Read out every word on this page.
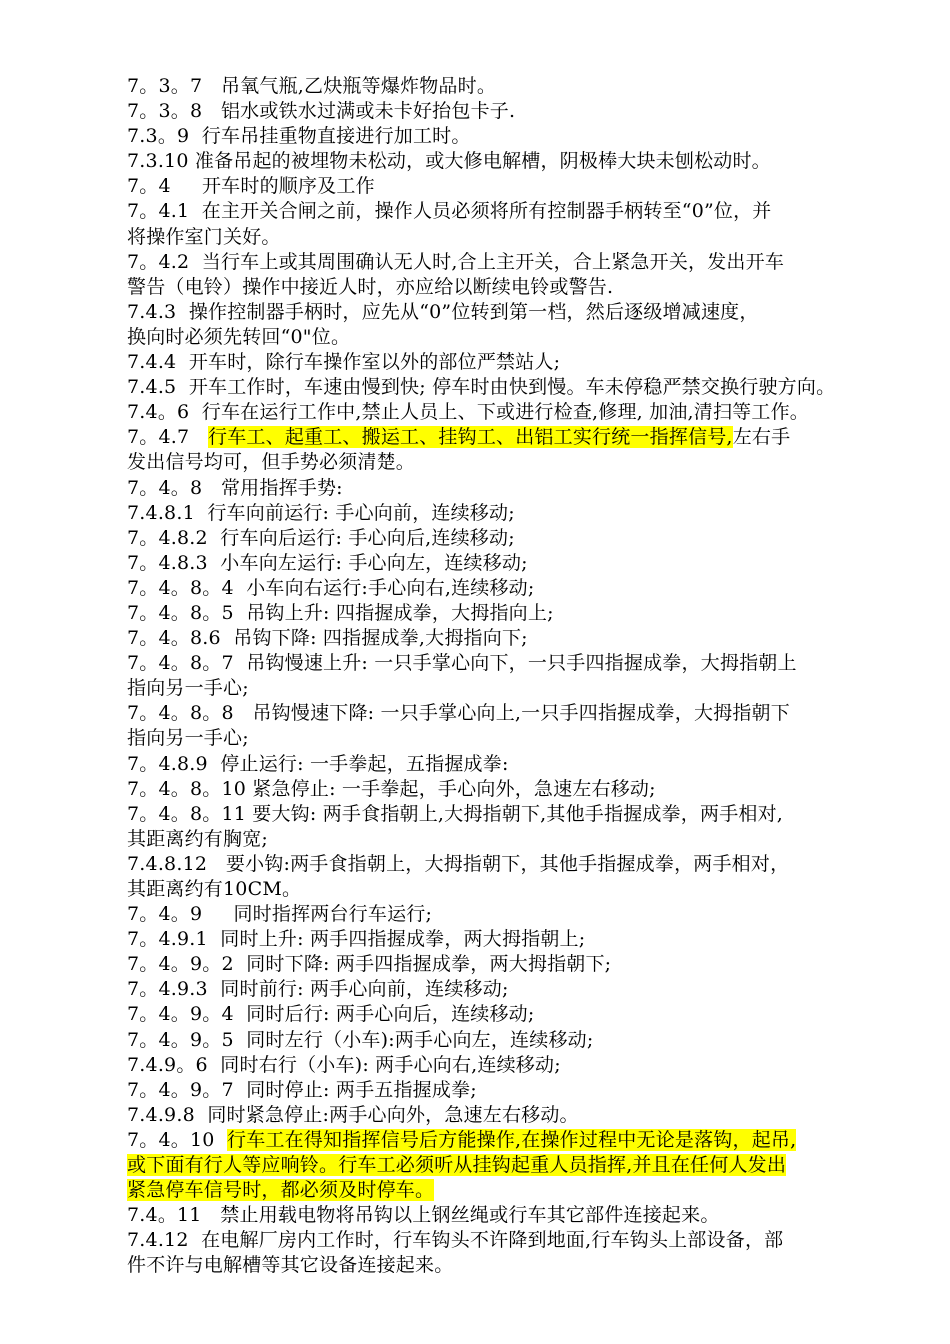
7。3。7   吊氧气瓶,乙炔瓶等爆炸物品时。
7。3。8   铝水或铁水过满或未卡好抬包卡子.
7.3。9  行车吊挂重物直接进行加工时。
7.3.10 准备吊起的被埋物未松动，或大修电解槽，阴极棒大块未刨松动时。
7。4     开车时的顺序及工作
7。4.1  在主开关合闸之前，操作人员必须将所有控制器手柄转至“0”位，并
将操作室门关好。
7。4.2  当行车上或其周围确认无人时,合上主开关，合上紧急开关，发出开车
警告（电铃）操作中接近人时，亦应给以断续电铃或警告.
7.4.3  操作控制器手柄时，应先从“0”位转到第一档，然后逐级增减速度，
换向时必须先转回“0"位。
7.4.4  开车时，除行车操作室以外的部位严禁站人;
7.4.5  开车工作时，车速由慢到快; 停车时由快到慢。车未停稳严禁交换行驶方向。
7.4。6  行车在运行工作中,禁止人员上、下或进行检查,修理, 加油,清扫等工作。
7。4.7   行车工、起重工、搬运工、挂钩工、出铝工实行统一指挥信号,左右手
发出信号均可，但手势必须清楚。
7。4。8   常用指挥手势:
7.4.8.1  行车向前运行: 手心向前，连续移动;
7。4.8.2  行车向后运行: 手心向后,连续移动;
7。4.8.3  小车向左运行: 手心向左，连续移动;
7。4。8。4  小车向右运行:手心向右,连续移动;
7。4。8。5  吊钩上升: 四指握成拳，大拇指向上;
7。4。8.6  吊钩下降: 四指握成拳,大拇指向下;
7。4。8。7  吊钩慢速上升: 一只手掌心向下，一只手四指握成拳，大拇指朝上
指向另一手心;
7。4。8。8   吊钩慢速下降: 一只手掌心向上,一只手四指握成拳，大拇指朝下
指向另一手心;
7。4.8.9  停止运行: 一手拳起，五指握成拳:
7。4。8。10 紧急停止: 一手拳起，手心向外，急速左右移动;
7。4。8。11 要大钩: 两手食指朝上,大拇指朝下,其他手指握成拳，两手相对,
其距离约有胸宽;
7.4.8.12   要小钩:两手食指朝上，大拇指朝下，其他手指握成拳，两手相对，
其距离约有10CM。
7。4。9     同时指挥两台行车运行;
7。4.9.1  同时上升: 两手四指握成拳，两大拇指朝上;
7。4。9。2  同时下降: 两手四指握成拳，两大拇指朝下;
7。4.9.3  同时前行: 两手心向前，连续移动;
7。4。9。4  同时后行: 两手心向后，连续移动;
7。4。9。5  同时左行（小车):两手心向左，连续移动;
7.4.9。6  同时右行（小车): 两手心向右,连续移动;
7。4。9。7  同时停止: 两手五指握成拳;
7.4.9.8  同时紧急停止:两手心向外，急速左右移动。
7。4。10  行车工在得知指挥信号后方能操作,在操作过程中无论是落钩，起吊,
或下面有行人等应响铃。行车工必须听从挂钩起重人员指挥,并且在任何人发出
紧急停车信号时，都必须及时停车。
7.4。11   禁止用载电物将吊钩以上钢丝绳或行车其它部件连接起来。
7.4.12  在电解厂房内工作时，行车钩头不许降到地面,行车钩头上部设备，部
件不许与电解槽等其它设备连接起来。
